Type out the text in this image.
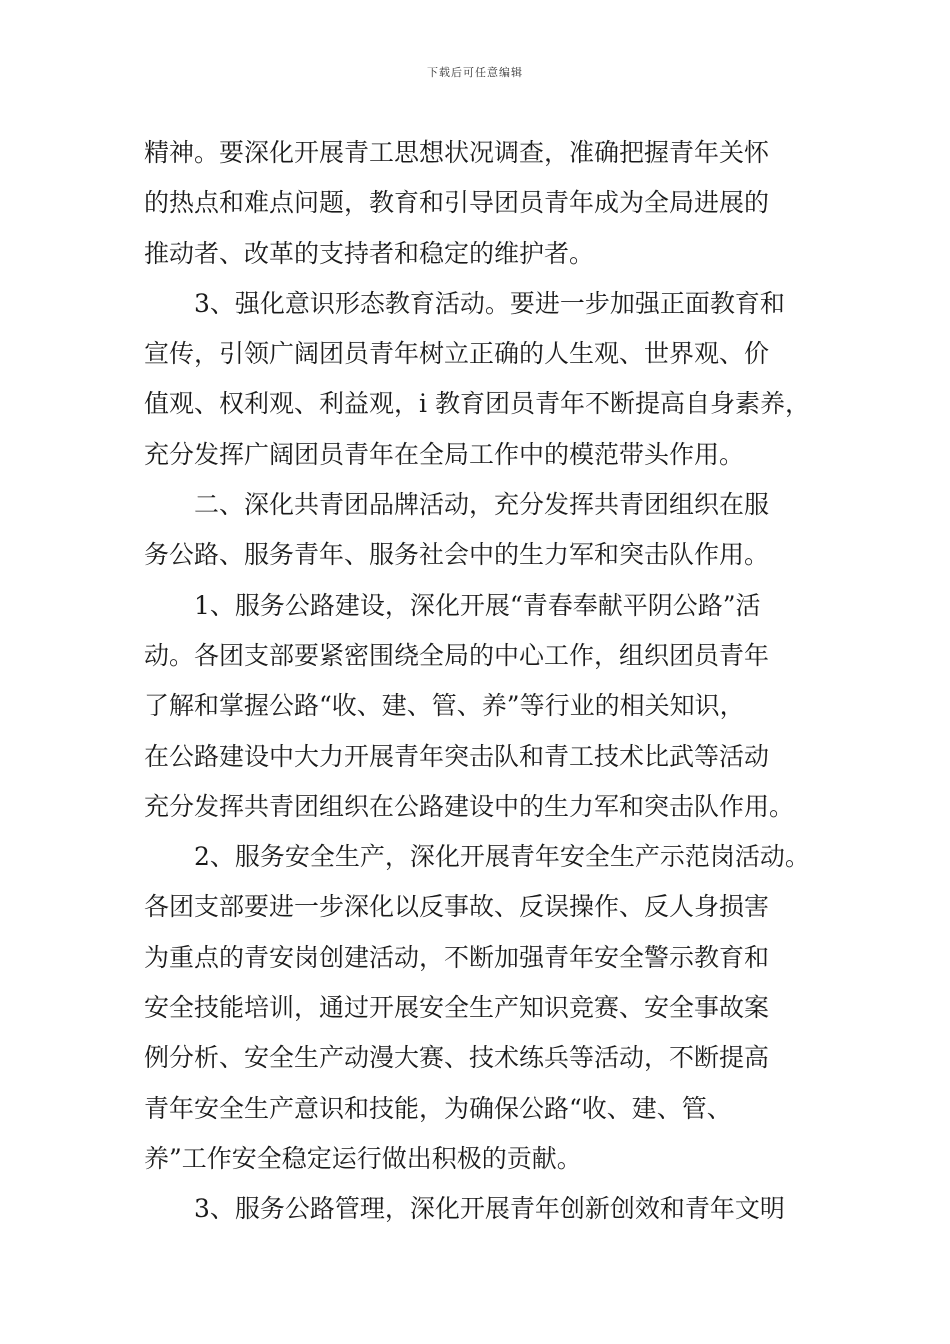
下载后可任意编辑
精神。要深化开展青工思想状况调查，准确把握青年关怀
的热点和难点问题，教育和引导团员青年成为全局进展的
推动者、改革的支持者和稳定的维护者。
　　3、强化意识形态教育活动。要进一步加强正面教育和
宣传，引领广阔团员青年树立正确的人生观、世界观、价
值观、权利观、利益观，i 教育团员青年不断提高自身素养，
充分发挥广阔团员青年在全局工作中的模范带头作用。
　　二、深化共青团品牌活动，充分发挥共青团组织在服
务公路、服务青年、服务社会中的生力军和突击队作用。
　　1、服务公路建设，深化开展“青春奉献平阴公路”活
动。各团支部要紧密围绕全局的中心工作，组织团员青年
了解和掌握公路“收、建、管、养”等行业的相关知识，
在公路建设中大力开展青年突击队和青工技术比武等活动
充分发挥共青团组织在公路建设中的生力军和突击队作用。
　　2、服务安全生产，深化开展青年安全生产示范岗活动。
各团支部要进一步深化以反事故、反误操作、反人身损害
为重点的青安岗创建活动，不断加强青年安全警示教育和
安全技能培训，通过开展安全生产知识竞赛、安全事故案
例分析、安全生产动漫大赛、技术练兵等活动，不断提高
青年安全生产意识和技能，为确保公路“收、建、管、
养”工作安全稳定运行做出积极的贡献。
　　3、服务公路管理，深化开展青年创新创效和青年文明
